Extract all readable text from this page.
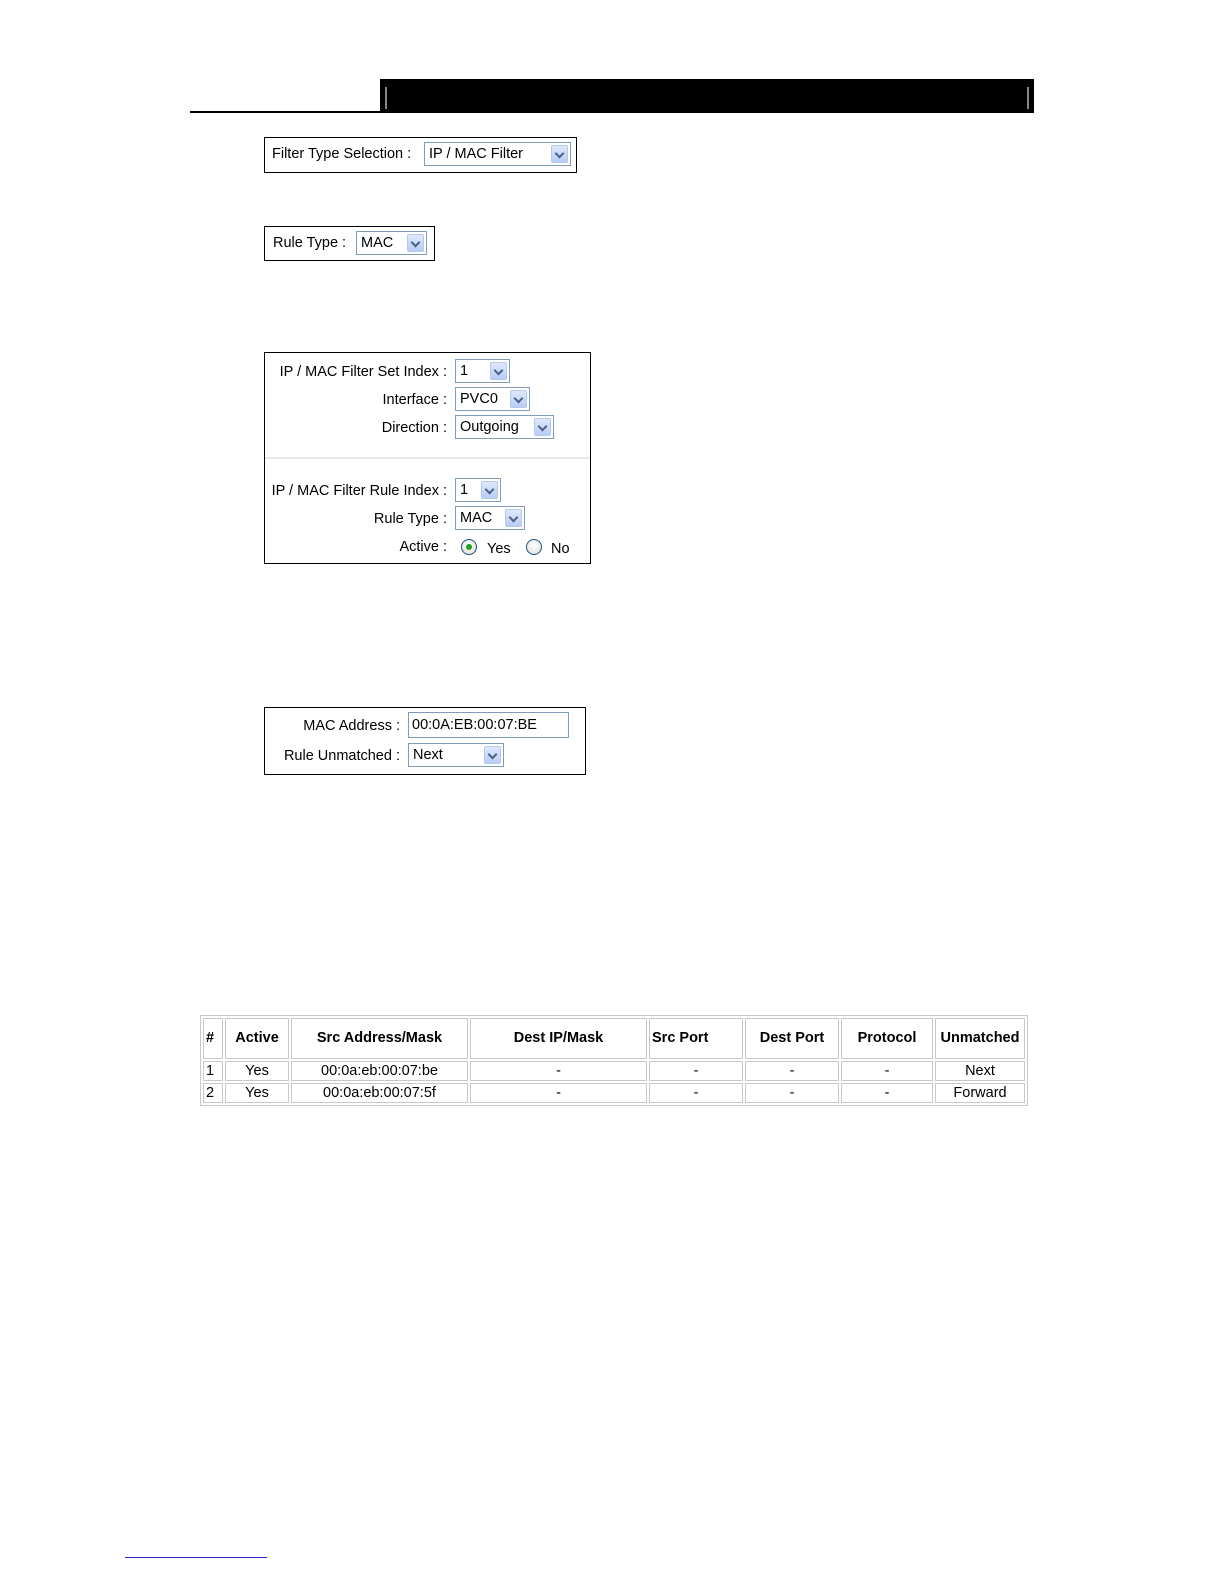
Filter Type Selection : IP / MAC Filter
Rule Type : MAC
IP / MAC Filter Set Index : 1
Interface : PVC0
Direction : Outgoing
IP / MAC Filter Rule Index : 1
Rule Type : MAC
Active :	Yes	No
MAC Address : 00:0A:EB:00:07:BE
Rule Unmatched : Next
#	Active	Src Address/Mask	Dest IP/Mask	Src Port	Dest Port	Protocol	Unmatched
1	Yes	00:0a:eb:00:07:be	-	-	-	-	Next
2	Yes	00:0a:eb:00:07:5f	-	-	-	-	Forward
